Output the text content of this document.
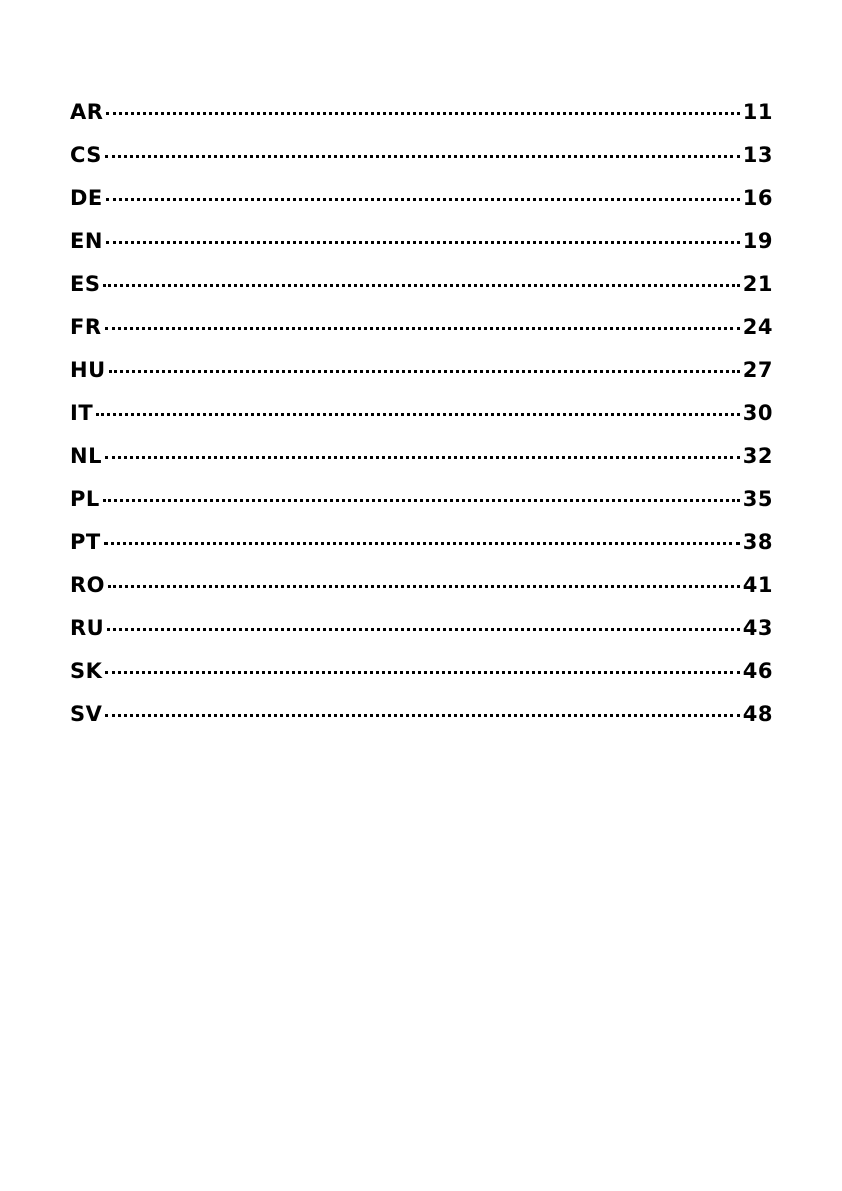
AR	11
CS	13
DE	16
EN	19
ES	21
FR	24
HU	27
IT	30
NL	32
PL	35
PT	38
RO	41
RU	43
SK	46
SV	48
